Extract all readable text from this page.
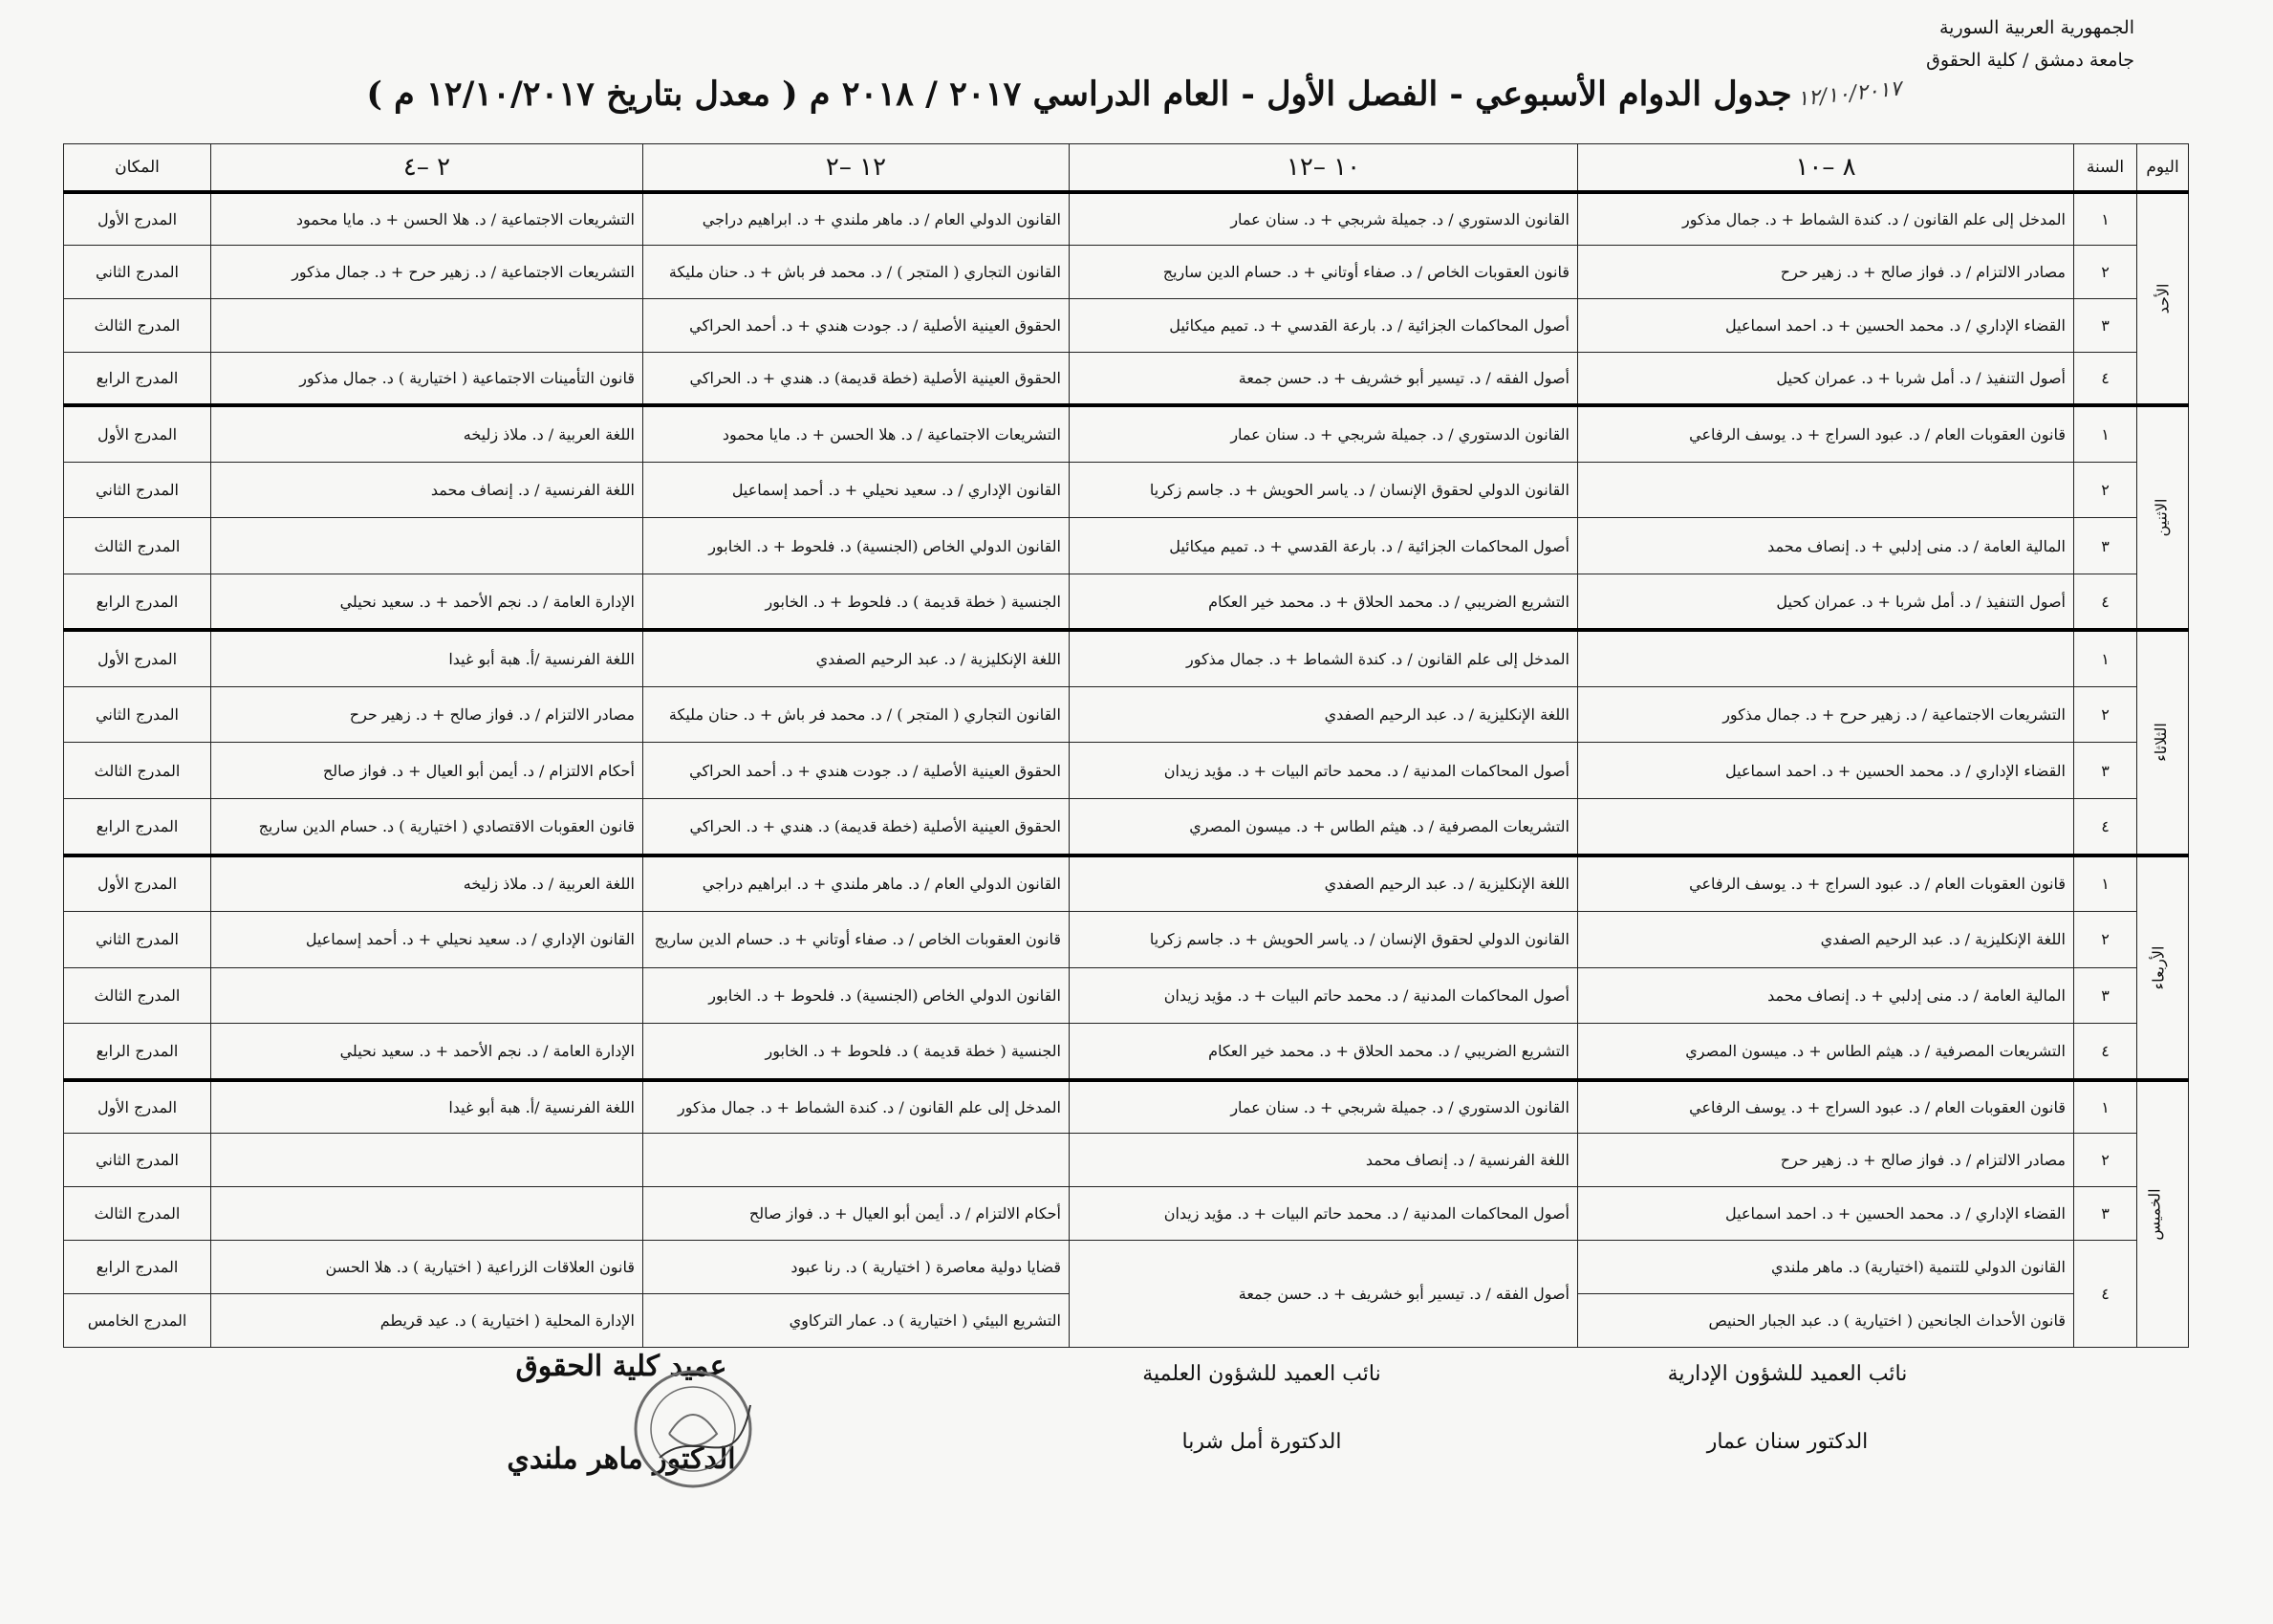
الجمهورية العربية السورية
جامعة دمشق / كلية الحقوق
جدول الدوام الأسبوعي - الفصل الأول - العام الدراسي ٢٠١٧ / ٢٠١٨ م ( معدل بتاريخ ١٢/١٠/٢٠١٧ م ) ١٢/١٠/٢٠١٧
اليوم	السنة	٨ –١٠	١٠ –١٢	١٢ –٢	٢ –٤	المكان
الأحد	١	المدخل إلى علم القانون / د. كندة الشماط + د. جمال مذكور	القانون الدستوري / د. جميلة شربجي + د. سنان عمار	القانون الدولي العام / د. ماهر ملندي + د. ابراهيم دراجي	التشريعات الاجتماعية / د. هلا الحسن + د. مايا محمود	المدرج الأول
	٢	مصادر الالتزام / د. فواز صالح + د. زهير حرح	قانون العقوبات الخاص / د. صفاء أوتاني + د. حسام الدين ساريج	القانون التجاري ( المتجر ) / د. محمد فر باش + د. حنان مليكة	التشريعات الاجتماعية / د. زهير حرح + د. جمال مذكور	المدرج الثاني
	٣	القضاء الإداري / د. محمد الحسين + د. احمد اسماعيل	أصول المحاكمات الجزائية / د. بارعة القدسي + د. تميم ميكائيل	الحقوق العينية الأصلية / د. جودت هندي + د. أحمد الحراكي		المدرج الثالث
	٤	أصول التنفيذ / د. أمل شربا + د. عمران كحيل	أصول الفقه / د. تيسير أبو خشريف + د. حسن جمعة	الحقوق العينية الأصلية (خطة قديمة) د. هندي + د. الحراكي	قانون التأمينات الاجتماعية ( اختيارية ) د. جمال مذكور	المدرج الرابع
الاثنين	١	قانون العقوبات العام / د. عبود السراج + د. يوسف الرفاعي	القانون الدستوري / د. جميلة شربجي + د. سنان عمار	التشريعات الاجتماعية / د. هلا الحسن + د. مايا محمود	اللغة العربية / د. ملاذ زليخه	المدرج الأول
	٢		القانون الدولي لحقوق الإنسان / د. ياسر الحويش + د. جاسم زكريا	القانون الإداري / د. سعيد نحيلي + د. أحمد إسماعيل	اللغة الفرنسية / د. إنصاف محمد	المدرج الثاني
	٣	المالية العامة / د. منى إدلبي + د. إنصاف محمد	أصول المحاكمات الجزائية / د. بارعة القدسي + د. تميم ميكائيل	القانون الدولي الخاص (الجنسية) د. فلحوط + د. الخابور		المدرج الثالث
	٤	أصول التنفيذ / د. أمل شربا + د. عمران كحيل	التشريع الضريبي / د. محمد الحلاق + د. محمد خير العكام	الجنسية ( خطة قديمة ) د. فلحوط + د. الخابور	الإدارة العامة / د. نجم الأحمد + د. سعيد نحيلي	المدرج الرابع
الثلاثاء	١		المدخل إلى علم القانون / د. كندة الشماط + د. جمال مذكور	اللغة الإنكليزية / د. عبد الرحيم الصفدي	اللغة الفرنسية /أ. هبة أبو غيدا	المدرج الأول
	٢	التشريعات الاجتماعية / د. زهير حرح + د. جمال مذكور	اللغة الإنكليزية / د. عبد الرحيم الصفدي	القانون التجاري ( المتجر ) / د. محمد فر باش + د. حنان مليكة	مصادر الالتزام / د. فواز صالح + د. زهير حرح	المدرج الثاني
	٣	القضاء الإداري / د. محمد الحسين + د. احمد اسماعيل	أصول المحاكمات المدنية / د. محمد حاتم البيات + د. مؤيد زيدان	الحقوق العينية الأصلية / د. جودت هندي + د. أحمد الحراكي	أحكام الالتزام / د. أيمن أبو العيال + د. فواز صالح	المدرج الثالث
	٤		التشريعات المصرفية / د. هيثم الطاس + د. ميسون المصري	الحقوق العينية الأصلية (خطة قديمة) د. هندي + د. الحراكي	قانون العقوبات الاقتصادي ( اختيارية ) د. حسام الدين ساريج	المدرج الرابع
الأربعاء	١	قانون العقوبات العام / د. عبود السراج + د. يوسف الرفاعي	اللغة الإنكليزية / د. عبد الرحيم الصفدي	القانون الدولي العام / د. ماهر ملندي + د. ابراهيم دراجي	اللغة العربية / د. ملاذ زليخه	المدرج الأول
	٢	اللغة الإنكليزية / د. عبد الرحيم الصفدي	القانون الدولي لحقوق الإنسان / د. ياسر الحويش + د. جاسم زكريا	قانون العقوبات الخاص / د. صفاء أوتاني + د. حسام الدين ساريج	القانون الإداري / د. سعيد نحيلي + د. أحمد إسماعيل	المدرج الثاني
	٣	المالية العامة / د. منى إدلبي + د. إنصاف محمد	أصول المحاكمات المدنية / د. محمد حاتم البيات + د. مؤيد زيدان	القانون الدولي الخاص (الجنسية) د. فلحوط + د. الخابور		المدرج الثالث
	٤	التشريعات المصرفية / د. هيثم الطاس + د. ميسون المصري	التشريع الضريبي / د. محمد الحلاق + د. محمد خير العكام	الجنسية ( خطة قديمة ) د. فلحوط + د. الخابور	الإدارة العامة / د. نجم الأحمد + د. سعيد نحيلي	المدرج الرابع
الخميس	١	قانون العقوبات العام / د. عبود السراج + د. يوسف الرفاعي	القانون الدستوري / د. جميلة شربجي + د. سنان عمار	المدخل إلى علم القانون / د. كندة الشماط + د. جمال مذكور	اللغة الفرنسية /أ. هبة أبو غيدا	المدرج الأول
	٢	مصادر الالتزام / د. فواز صالح + د. زهير حرح	اللغة الفرنسية / د. إنصاف محمد			المدرج الثاني
	٣	القضاء الإداري / د. محمد الحسين + د. احمد اسماعيل	أصول المحاكمات المدنية / د. محمد حاتم البيات + د. مؤيد زيدان	أحكام الالتزام / د. أيمن أبو العيال + د. فواز صالح		المدرج الثالث
	٤	القانون الدولي للتنمية (اختيارية) د. ماهر ملندي	أصول الفقه / د. تيسير أبو خشريف + د. حسن جمعة	قضايا دولية معاصرة ( اختيارية ) د. رنا عبود	قانون العلاقات الزراعية ( اختيارية ) د. هلا الحسن	المدرج الرابع
		قانون الأحداث الجانحين ( اختيارية ) د. عبد الجبار الحنيص		التشريع البيئي ( اختيارية ) د. عمار التركاوي	الإدارة المحلية ( اختيارية ) د. عيد قريطم	المدرج الخامس
نائب العميد للشؤون الإدارية
الدكتور سنان عمار
نائب العميد للشؤون العلمية
الدكتورة أمل شربا
عميد كلية الحقوق
الدكتور ماهر ملندي
